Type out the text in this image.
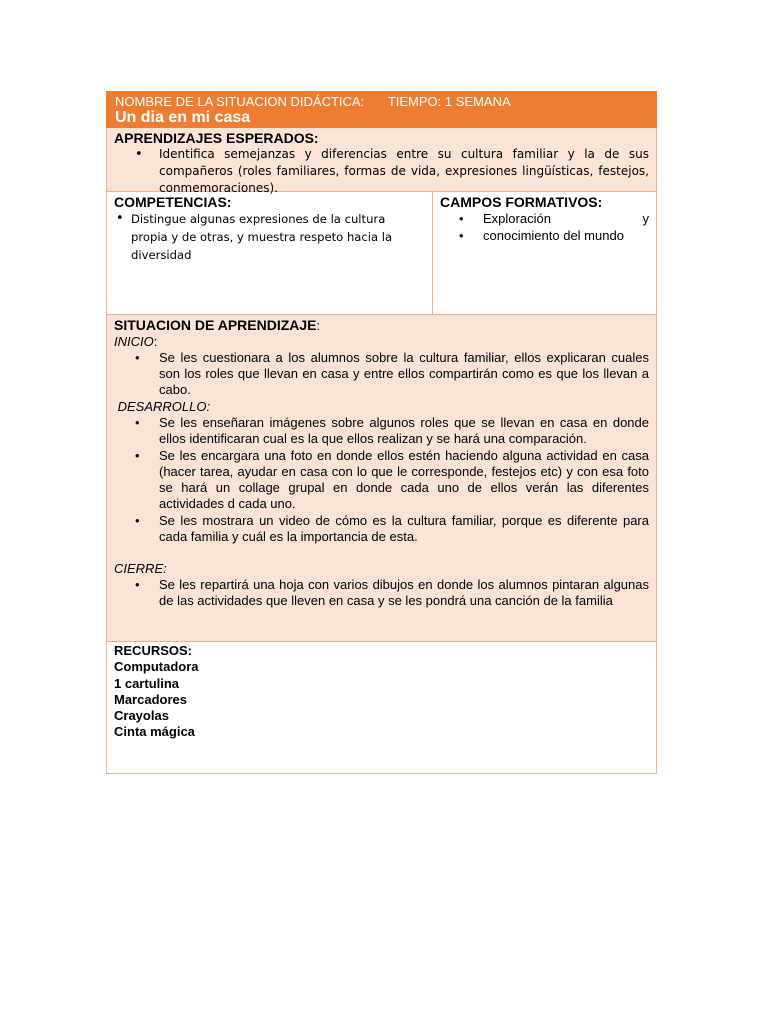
NOMBRE DE LA SITUACION DIDÁCTICA: TIEMPO: 1 SEMANA
Un dia en mi casa
APRENDIZAJES ESPERADOS:
• Identifica semejanzas y diferencias entre su cultura familiar y la de sus compañeros (roles familiares, formas de vida, expresiones lingüísticas, festejos, conmemoraciones).
COMPETENCIAS:
• Distingue algunas expresiones de la cultura propia y de otras, y muestra respeto hacia la diversidad
CAMPOS FORMATIVOS:
• Exploración y
• conocimiento del mundo
SITUACION DE APRENDIZAJE:
INICIO:
• Se les cuestionara a los alumnos sobre la cultura familiar, ellos explicaran cuales son los roles que llevan en casa y entre ellos compartirán como es que los llevan a cabo.
DESARROLLO:
• Se les enseñaran imágenes sobre algunos roles que se llevan en casa en donde ellos identificaran cual es la que ellos realizan y se hará una comparación.
• Se les encargara una foto en donde ellos estén haciendo alguna actividad en casa (hacer tarea, ayudar en casa con lo que le corresponde, festejos etc) y con esa foto se hará un collage grupal en donde cada uno de ellos verán las diferentes actividades d cada uno.
• Se les mostrara un video de cómo es la cultura familiar, porque es diferente para cada familia y cuál es la importancia de esta.
CIERRE:
• Se les repartirá una hoja con varios dibujos en donde los alumnos pintaran algunas de las actividades que lleven en casa y se les pondrá una canción de la familia
RECURSOS:
Computadora
1 cartulina
Marcadores
Crayolas
Cinta mágica
